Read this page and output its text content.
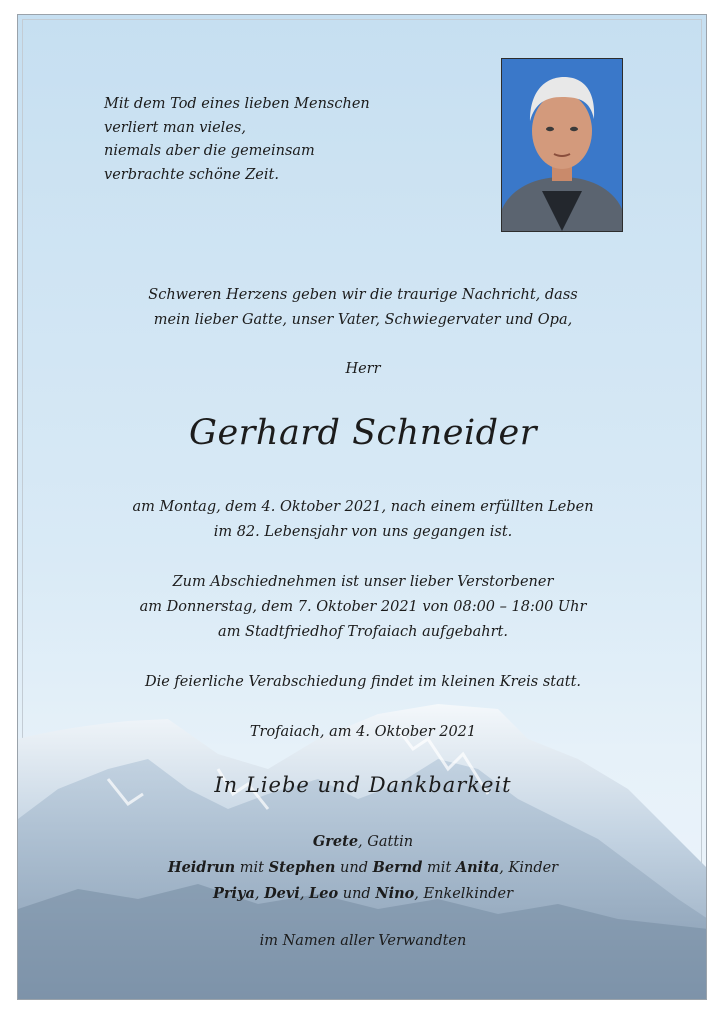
Mit dem Tod eines lieben Menschen
verliert man vieles,
niemals aber die gemeinsam
verbrachte schöne Zeit.
Schweren Herzens geben wir die traurige Nachricht, dass
mein lieber Gatte, unser Vater, Schwiegervater und Opa,
Herr
Gerhard Schneider
am Montag, dem 4. Oktober 2021, nach einem erfüllten Leben
im 82. Lebensjahr von uns gegangen ist.
Zum Abschiednehmen ist unser lieber Verstorbener
am Donnerstag, dem 7. Oktober 2021 von 08:00 – 18:00 Uhr
am Stadtfriedhof Trofaiach aufgebahrt.
Die feierliche Verabschiedung findet im kleinen Kreis statt.
Trofaiach, am 4. Oktober 2021
In Liebe und Dankbarkeit
Grete, Gattin
Heidrun mit Stephen und Bernd mit Anita, Kinder
Priya, Devi, Leo und Nino, Enkelkinder
im Namen aller Verwandten
